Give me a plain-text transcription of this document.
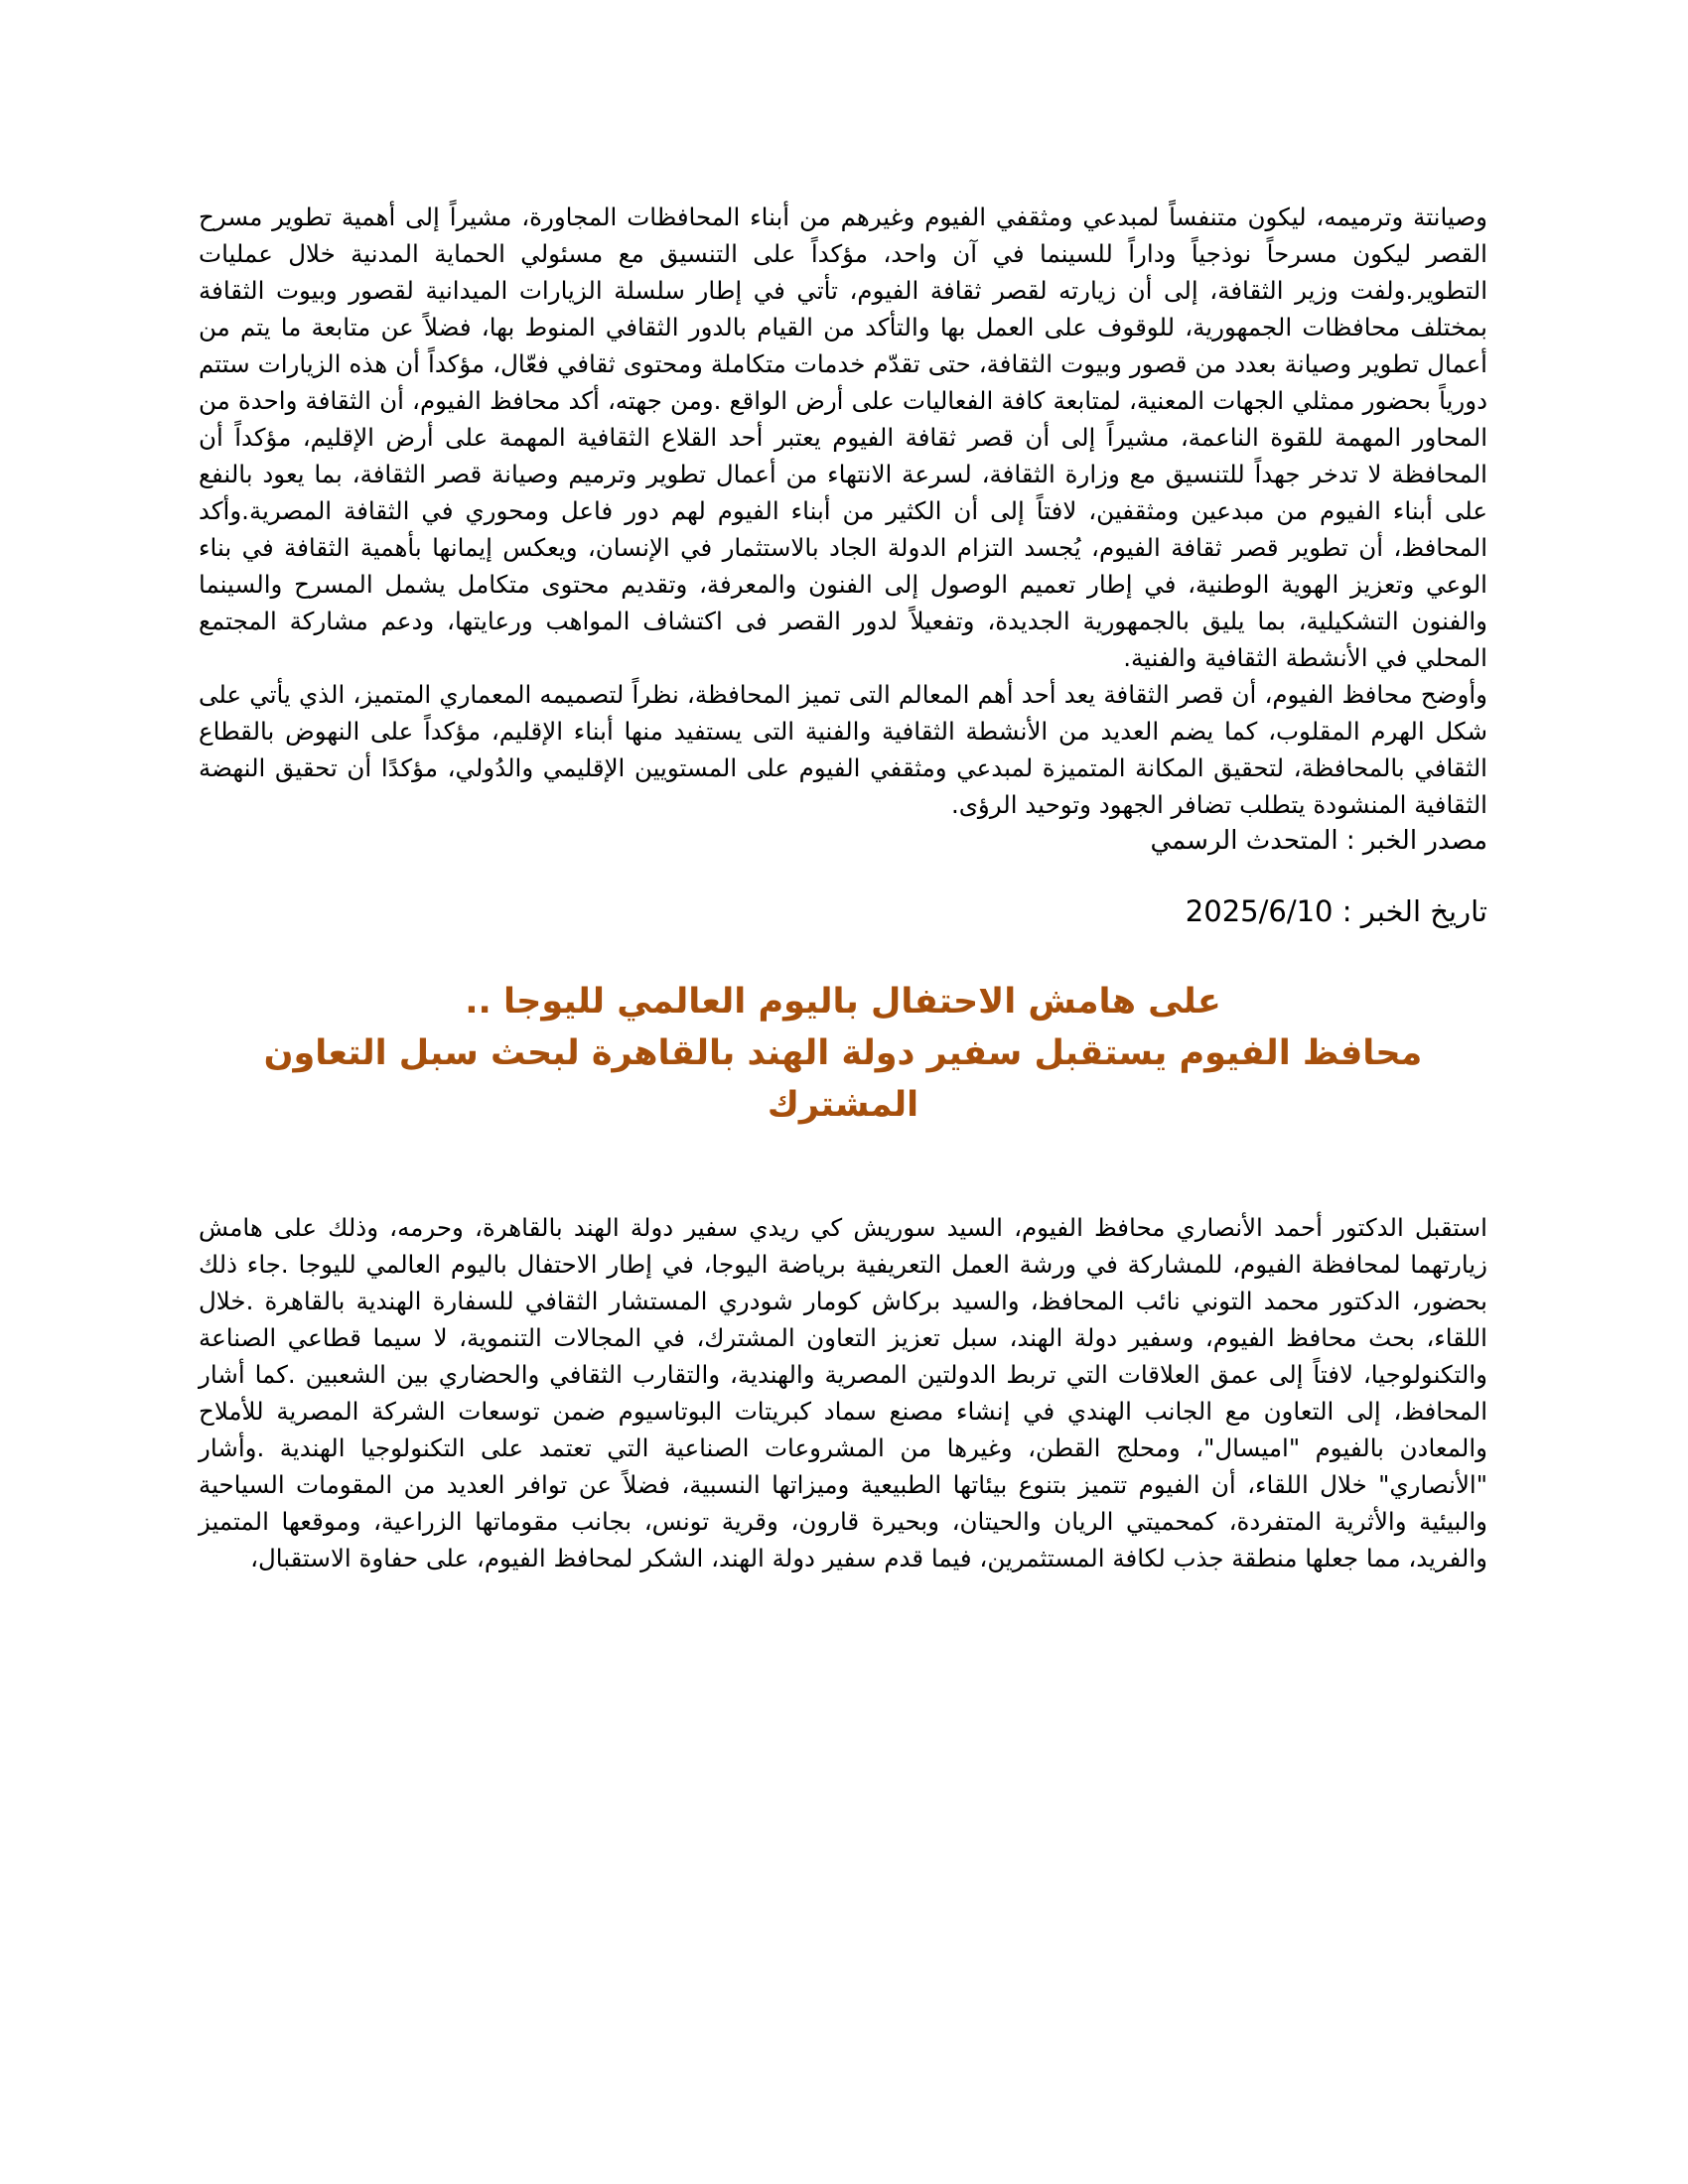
وصيانتة وترميمه، ليكون متنفساً لمبدعي ومثقفي الفيوم وغيرهم من أبناء المحافظات المجاورة، مشيراً إلى أهمية تطوير مسرح القصر ليكون مسرحاً نوذجياً وداراً للسينما في آن واحد، مؤكداً على التنسيق مع مسئولي الحماية المدنية خلال عمليات التطوير.ولفت وزير الثقافة، إلى أن زيارته لقصر ثقافة الفيوم، تأتي في إطار سلسلة الزيارات الميدانية لقصور وبيوت الثقافة بمختلف محافظات الجمهورية، للوقوف على العمل بها والتأكد من القيام بالدور الثقافي المنوط بها، فضلاً عن متابعة ما يتم من أعمال تطوير وصيانة بعدد من قصور وبيوت الثقافة، حتى تقدّم خدمات متكاملة ومحتوى ثقافي فعّال، مؤكداً أن هذه الزيارات ستتم دورياً بحضور ممثلي الجهات المعنية، لمتابعة كافة الفعاليات على أرض الواقع .ومن جهته، أكد محافظ الفيوم، أن الثقافة واحدة من المحاور المهمة للقوة الناعمة، مشيراً إلى أن قصر ثقافة الفيوم يعتبر أحد القلاع الثقافية المهمة على أرض الإقليم، مؤكداً أن المحافظة لا تدخر جهداً للتنسيق مع وزارة الثقافة، لسرعة الانتهاء من أعمال تطوير وترميم وصيانة قصر الثقافة، بما يعود بالنفع على أبناء الفيوم من مبدعين ومثقفين، لافتاً إلى أن الكثير من أبناء الفيوم لهم دور فاعل ومحوري في الثقافة المصرية.وأكد المحافظ، أن تطوير قصر ثقافة الفيوم، يُجسد التزام الدولة الجاد بالاستثمار في الإنسان، ويعكس إيمانها بأهمية الثقافة في بناء الوعي وتعزيز الهوية الوطنية، في إطار تعميم الوصول إلى الفنون والمعرفة، وتقديم محتوى متكامل يشمل المسرح والسينما والفنون التشكيلية، بما يليق بالجمهورية الجديدة، وتفعيلاً لدور القصر فى اكتشاف المواهب ورعايتها، ودعم مشاركة المجتمع المحلي في الأنشطة الثقافية والفنية.

وأوضح محافظ الفيوم، أن قصر الثقافة يعد أحد أهم المعالم التى تميز المحافظة، نظراً لتصميمه المعماري المتميز، الذي يأتي على شكل الهرم المقلوب، كما يضم العديد من الأنشطة الثقافية والفنية التى يستفيد منها أبناء الإقليم، مؤكداً على النهوض بالقطاع الثقافي بالمحافظة، لتحقيق المكانة المتميزة لمبدعي ومثقفي الفيوم على المستويين الإقليمي والدُولي، مؤكدًا أن تحقيق النهضة الثقافية المنشودة يتطلب تضافر الجهود وتوحيد الرؤى.

مصدر الخبر : المتحدث الرسمي

تاريخ الخبر : 2025/6/10

على هامش الاحتفال باليوم العالمي لليوجا ..
محافظ الفيوم يستقبل سفير دولة الهند بالقاهرة لبحث سبل التعاون المشترك

استقبل الدكتور أحمد الأنصاري محافظ الفيوم، السيد سوريش كي ريدي سفير دولة الهند بالقاهرة، وحرمه، وذلك على هامش زيارتهما لمحافظة الفيوم، للمشاركة في ورشة العمل التعريفية برياضة اليوجا، في إطار الاحتفال باليوم العالمي لليوجا .جاء ذلك بحضور، الدكتور محمد التوني نائب المحافظ، والسيد بركاش كومار شودري المستشار الثقافي للسفارة الهندية بالقاهرة .خلال اللقاء، بحث محافظ الفيوم، وسفير دولة الهند، سبل تعزيز التعاون المشترك، في المجالات التنموية، لا سيما قطاعي الصناعة والتكنولوجيا، لافتاً إلى عمق العلاقات التي تربط الدولتين المصرية والهندية، والتقارب الثقافي والحضاري بين الشعبين .كما أشار المحافظ، إلى التعاون مع الجانب الهندي في إنشاء مصنع سماد كبريتات البوتاسيوم ضمن توسعات الشركة المصرية للأملاح والمعادن بالفيوم "اميسال"، ومحلج القطن، وغيرها من المشروعات الصناعية التي تعتمد على التكنولوجيا الهندية .وأشار "الأنصاري" خلال اللقاء، أن الفيوم تتميز بتنوع بيئاتها الطبيعية وميزاتها النسبية، فضلاً عن توافر العديد من المقومات السياحية والبيئية والأثرية المتفردة، كمحميتي الريان والحيتان، وبحيرة قارون، وقرية تونس، بجانب مقوماتها الزراعية، وموقعها المتميز والفريد، مما جعلها منطقة جذب لكافة المستثمرين، فيما قدم سفير دولة الهند، الشكر لمحافظ الفيوم، على حفاوة الاستقبال،
